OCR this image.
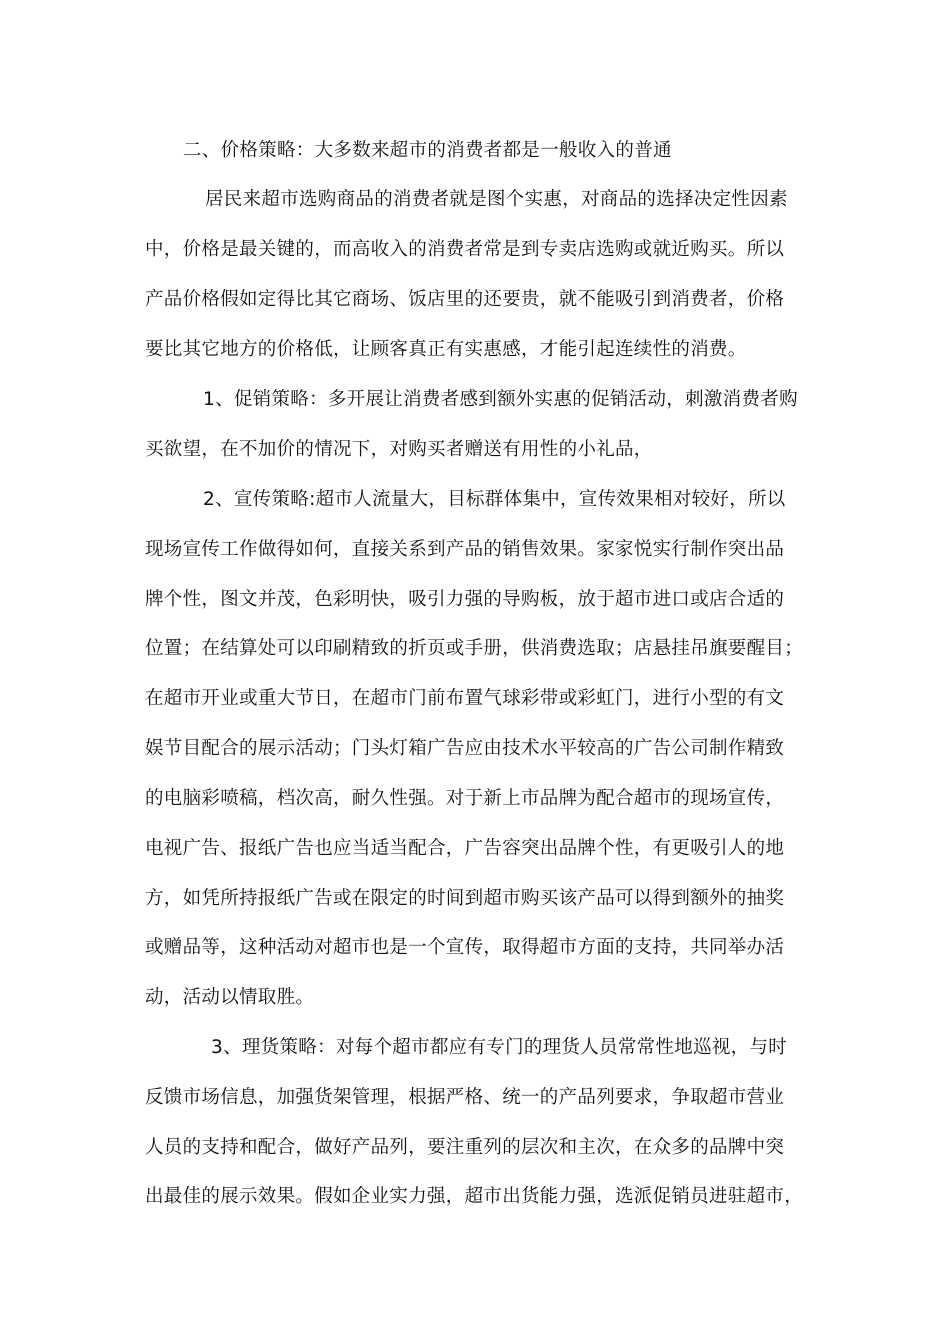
二、价格策略：大多数来超市的消费者都是一般收入的普通
居民来超市选购商品的消费者就是图个实惠，对商品的选择决定性因素
中，价格是最关键的，而高收入的消费者常是到专卖店选购或就近购买。所以
产品价格假如定得比其它商场、饭店里的还要贵，就不能吸引到消费者，价格
要比其它地方的价格低，让顾客真正有实惠感，才能引起连续性的消费。
1、促销策略：多开展让消费者感到额外实惠的促销活动，刺激消费者购
买欲望，在不加价的情况下，对购买者赠送有用性的小礼品，
2、宣传策略:超市人流量大，目标群体集中，宣传效果相对较好，所以
现场宣传工作做得如何，直接关系到产品的销售效果。家家悦实行制作突出品
牌个性，图文并茂，色彩明快，吸引力强的导购板，放于超市进口或店合适的
位置；在结算处可以印刷精致的折页或手册，供消费选取；店悬挂吊旗要醒目；
在超市开业或重大节日，在超市门前布置气球彩带或彩虹门，进行小型的有文
娱节目配合的展示活动；门头灯箱广告应由技术水平较高的广告公司制作精致
的电脑彩喷稿，档次高，耐久性强。对于新上市品牌为配合超市的现场宣传，
电视广告、报纸广告也应当适当配合，广告容突出品牌个性，有更吸引人的地
方，如凭所持报纸广告或在限定的时间到超市购买该产品可以得到额外的抽奖
或赠品等，这种活动对超市也是一个宣传，取得超市方面的支持，共同举办活
动，活动以情取胜。
3、理货策略：对每个超市都应有专门的理货人员常常性地巡视，与时
反馈市场信息，加强货架管理，根据严格、统一的产品列要求，争取超市营业
人员的支持和配合，做好产品列，要注重列的层次和主次，在众多的品牌中突
出最佳的展示效果。假如企业实力强，超市出货能力强，选派促销员进驻超市，
